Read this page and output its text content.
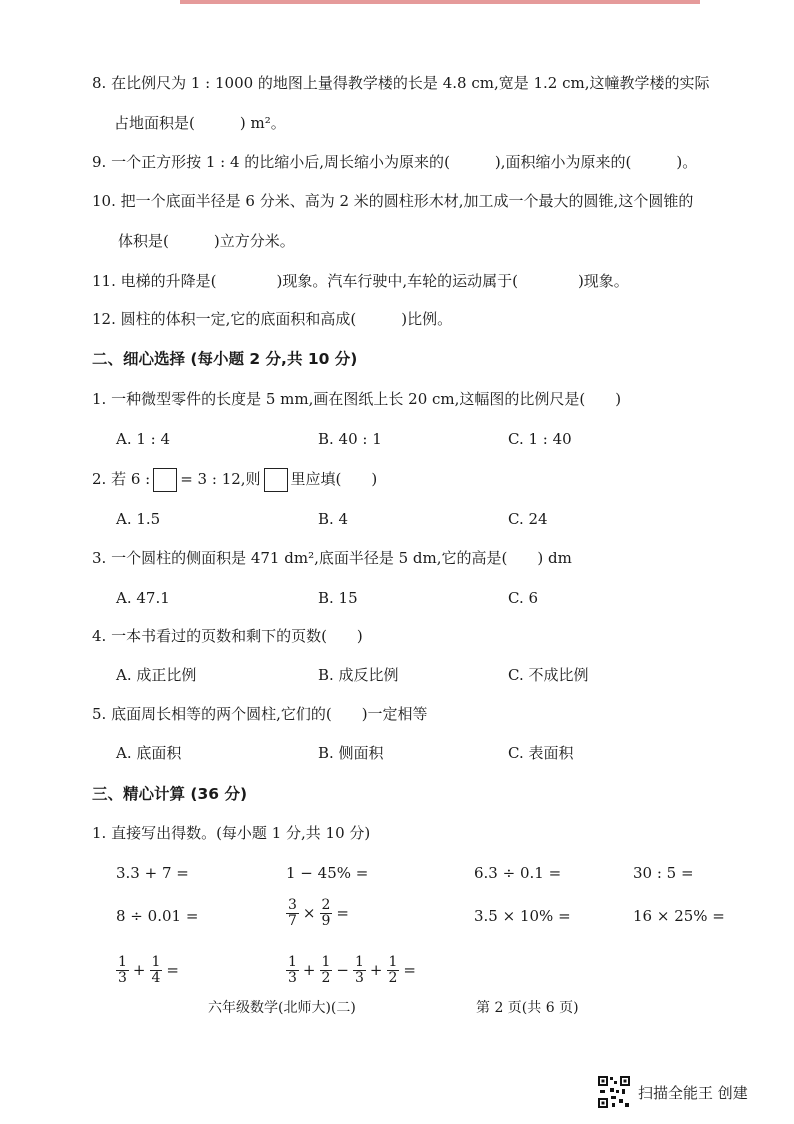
8. 在比例尺为 1 : 1000 的地图上量得教学楼的长是 4.8 cm,宽是 1.2 cm,这幢教学楼的实际
占地面积是(　　　) m²。
9. 一个正方形按 1 : 4 的比缩小后,周长缩小为原来的(　　　),面积缩小为原来的(　　　)。
10. 把一个底面半径是 6 分米、高为 2 米的圆柱形木材,加工成一个最大的圆锥,这个圆锥的
体积是(　　　)立方分米。
11. 电梯的升降是(　　　　)现象。汽车行驶中,车轮的运动属于(　　　　)现象。
12. 圆柱的体积一定,它的底面积和高成(　　　)比例。
二、细心选择 (每小题 2 分,共 10 分)
1. 一种微型零件的长度是 5 mm,画在图纸上长 20 cm,这幅图的比例尺是(　　)
A. 1 : 4	B. 40 : 1	C. 1 : 40
2. 若 6 : = 3 : 12,则 里应填(　　)
A. 1.5	B. 4	C. 24
3. 一个圆柱的侧面积是 471 dm²,底面半径是 5 dm,它的高是(　　) dm
A. 47.1	B. 15	C. 6
4. 一本书看过的页数和剩下的页数(　　)
A. 成正比例	B. 成反比例	C. 不成比例
5. 底面周长相等的两个圆柱,它们的(　　)一定相等
A. 底面积	B. 侧面积	C. 表面积
三、精心计算 (36 分)
1. 直接写出得数。(每小题 1 分,共 10 分)
3.3 + 7 =	1 − 45% =	6.3 ÷ 0.1 =	30 : 5 =
8 ÷ 0.01 =	$\frac{3}{7} \times \frac{2}{9}$ =	3.5 × 10% =	16 × 25% =
$\frac{1}{3} + \frac{1}{4}$ =	$\frac{1}{3} + \frac{1}{2} - \frac{1}{3} + \frac{1}{2}$ =
六年级数学(北师大)(二)	第 2 页(共 6 页)
扫描全能王 创建
